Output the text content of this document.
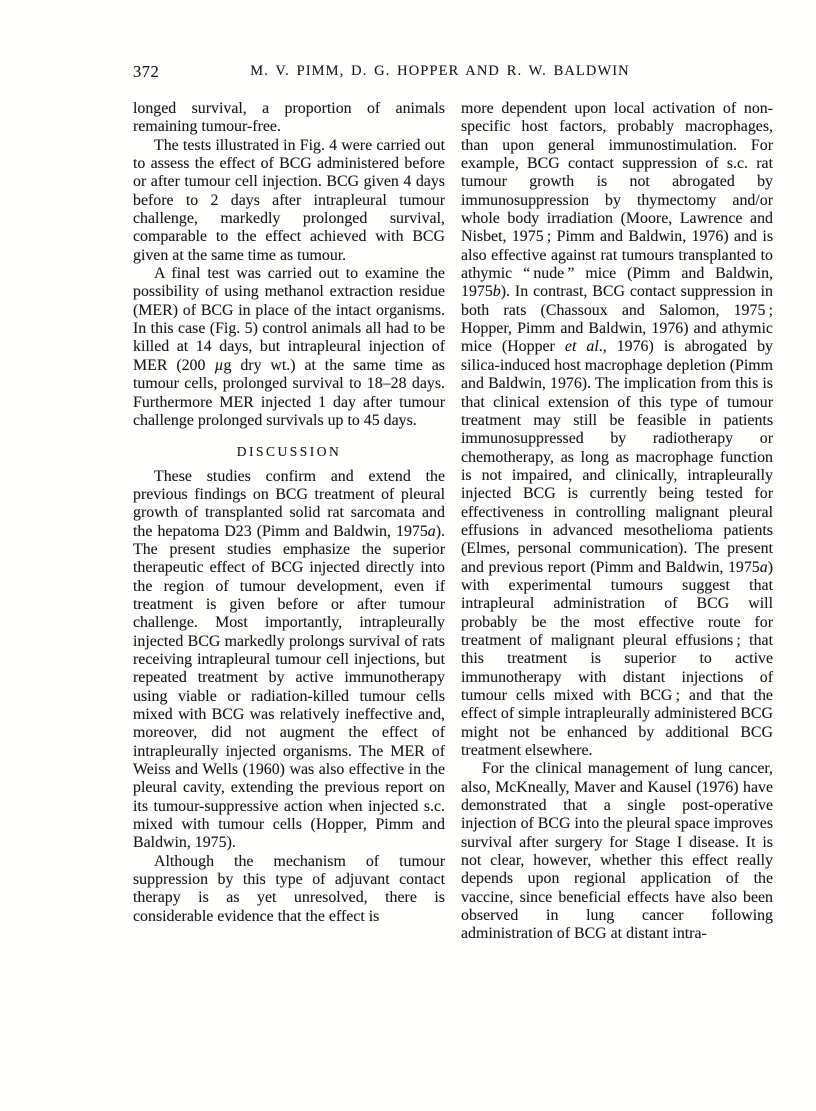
372	M. V. PIMM, D. G. HOPPER AND R. W. BALDWIN

longed survival, a proportion of animals remaining tumour-free.

The tests illustrated in Fig. 4 were carried out to assess the effect of BCG administered before or after tumour cell injection. BCG given 4 days before to 2 days after intrapleural tumour challenge, markedly prolonged survival, comparable to the effect achieved with BCG given at the same time as tumour.

A final test was carried out to examine the possibility of using methanol extraction residue (MER) of BCG in place of the intact organisms. In this case (Fig. 5) control animals all had to be killed at 14 days, but intrapleural injection of MER (200 µg dry wt.) at the same time as tumour cells, prolonged survival to 18–28 days. Furthermore MER injected 1 day after tumour challenge prolonged survivals up to 45 days.

DISCUSSION

These studies confirm and extend the previous findings on BCG treatment of pleural growth of transplanted solid rat sarcomata and the hepatoma D23 (Pimm and Baldwin, 1975a). The present studies emphasize the superior therapeutic effect of BCG injected directly into the region of tumour development, even if treatment is given before or after tumour challenge. Most importantly, intrapleurally injected BCG markedly prolongs survival of rats receiving intrapleural tumour cell injections, but repeated treatment by active immunotherapy using viable or radiation-killed tumour cells mixed with BCG was relatively ineffective and, moreover, did not augment the effect of intrapleurally injected organisms. The MER of Weiss and Wells (1960) was also effective in the pleural cavity, extending the previous report on its tumour-suppressive action when injected s.c. mixed with tumour cells (Hopper, Pimm and Baldwin, 1975).

Although the mechanism of tumour suppression by this type of adjuvant contact therapy is as yet unresolved, there is considerable evidence that the effect is

more dependent upon local activation of non-specific host factors, probably macrophages, than upon general immunostimulation. For example, BCG contact suppression of s.c. rat tumour growth is not abrogated by immunosuppression by thymectomy and/or whole body irradiation (Moore, Lawrence and Nisbet, 1975 ; Pimm and Baldwin, 1976) and is also effective against rat tumours transplanted to athymic “ nude ” mice (Pimm and Baldwin, 1975b). In contrast, BCG contact suppression in both rats (Chassoux and Salomon, 1975 ; Hopper, Pimm and Baldwin, 1976) and athymic mice (Hopper et al., 1976) is abrogated by silica-induced host macrophage depletion (Pimm and Baldwin, 1976). The implication from this is that clinical extension of this type of tumour treatment may still be feasible in patients immunosuppressed by radiotherapy or chemotherapy, as long as macrophage function is not impaired, and clinically, intrapleurally injected BCG is currently being tested for effectiveness in controlling malignant pleural effusions in advanced mesothelioma patients (Elmes, personal communication). The present and previous report (Pimm and Baldwin, 1975a) with experimental tumours suggest that intrapleural administration of BCG will probably be the most effective route for treatment of malignant pleural effusions ; that this treatment is superior to active immunotherapy with distant injections of tumour cells mixed with BCG ; and that the effect of simple intrapleurally administered BCG might not be enhanced by additional BCG treatment elsewhere.

For the clinical management of lung cancer, also, McKneally, Maver and Kausel (1976) have demonstrated that a single post-operative injection of BCG into the pleural space improves survival after surgery for Stage I disease. It is not clear, however, whether this effect really depends upon regional application of the vaccine, since beneficial effects have also been observed in lung cancer following administration of BCG at distant intra-
